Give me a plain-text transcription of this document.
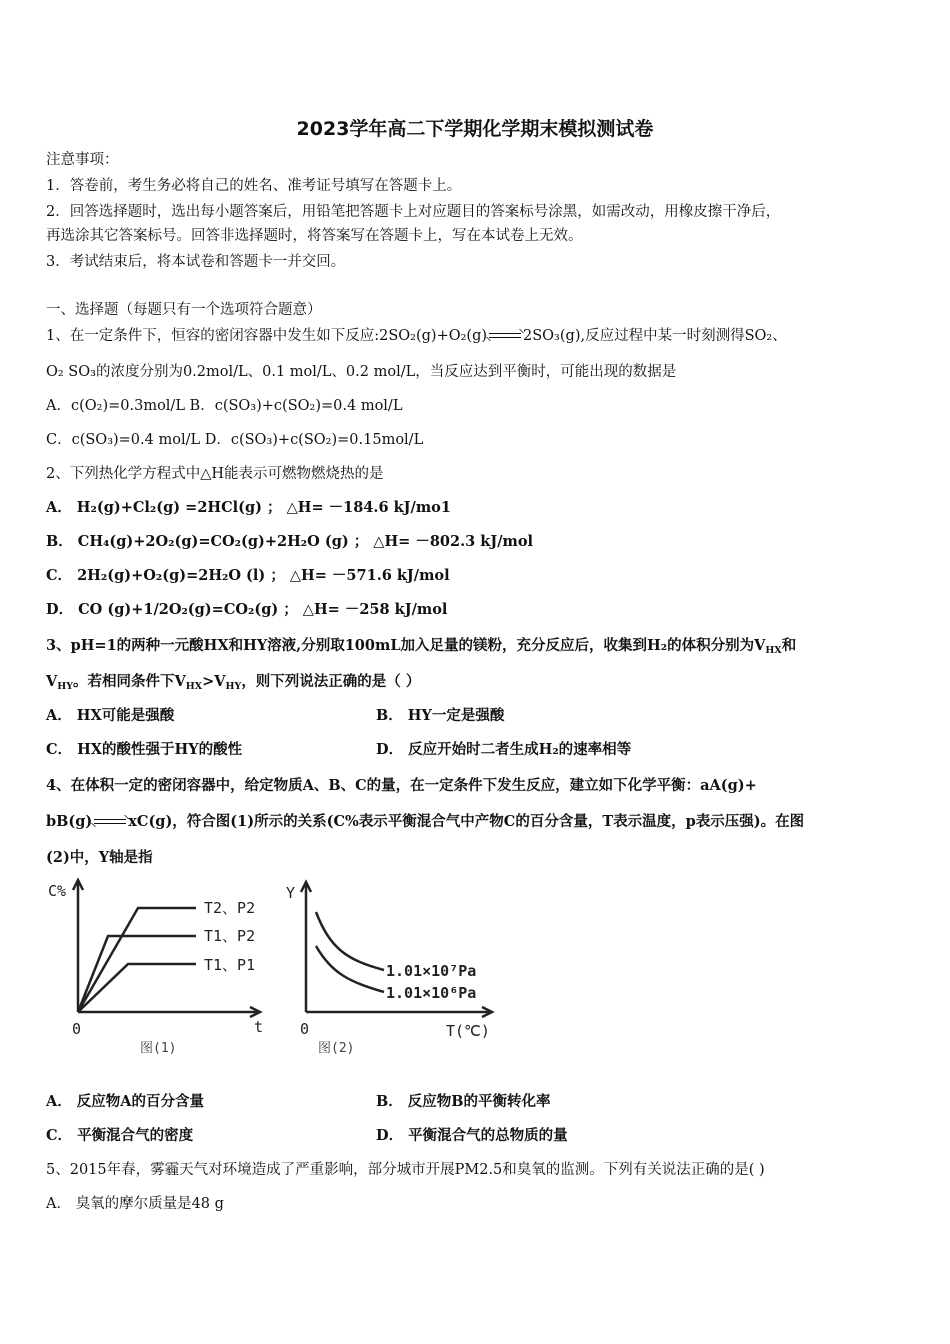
2023学年高二下学期化学期末模拟测试卷
注意事项：
1．答卷前，考生务必将自己的姓名、准考证号填写在答题卡上。
2．回答选择题时，选出每小题答案后，用铅笔把答题卡上对应题目的答案标号涂黑，如需改动，用橡皮擦干净后，
再选涂其它答案标号。回答非选择题时，将答案写在答题卡上，写在本试卷上无效。
3．考试结束后，将本试卷和答题卡一并交回。
一、选择题（每题只有一个选项符合题意）
1、在一定条件下，恒容的密闭容器中发生如下反应:2SO₂(g)+O₂(g) 2SO₃(g),反应过程中某一时刻测得SO₂、
O₂ SO₃的浓度分别为0.2mol/L、0.1 mol/L、0.2 mol/L，当反应达到平衡时，可能出现的数据是
A．c(O₂)=0.3mol/L B．c(SO₃)+c(SO₂)=0.4 mol/L
C．c(SO₃)=0.4 mol/L D．c(SO₃)+c(SO₂)=0.15mol/L
2、下列热化学方程式中△H能表示可燃物燃烧热的是
A． H₂(g)+Cl₂(g) =2HCl(g) ； △H= －184.6 kJ/mo1
B． CH₄(g)+2O₂(g)=CO₂(g)+2H₂O (g) ； △H= －802.3 kJ/mol
C． 2H₂(g)+O₂(g)=2H₂O (l) ； △H= －571.6 kJ/mol
D． CO (g)+1/2O₂(g)=CO₂(g) ； △H= －258 kJ/mol
3、pH=1的两种一元酸HX和HY溶液,分别取100mL加入足量的镁粉，充分反应后，收集到H₂的体积分别为$V_{HX}$和
$V_{HY}$。若相同条件下$V_{HX}>V_{HY}$，则下列说法正确的是（ ）
A． HX可能是强酸	B． HY一定是强酸
C． HX的酸性强于HY的酸性	D． 反应开始时二者生成H₂的速率相等
4、在体积一定的密闭容器中，给定物质A、B、C的量，在一定条件下发生反应，建立如下化学平衡：aA(g)+
bB(g) xC(g)，符合图(1)所示的关系(C%表示平衡混合气中产物C的百分含量，T表示温度，p表示压强)。在图
(2)中，Y轴是指
C%
0	t
T2、P2
T1、P2
T1、P1
Y
0	T(℃)
1.01×10⁷Pa
1.01×10⁶Pa
图(1)	图(2)
A． 反应物A的百分含量	B． 反应物B的平衡转化率
C． 平衡混合气的密度	D． 平衡混合气的总物质的量
5、2015年春，雾霾天气对环境造成了严重影响，部分城市开展PM2.5和臭氧的监测。下列有关说法正确的是( )
A． 臭氧的摩尔质量是48 g
